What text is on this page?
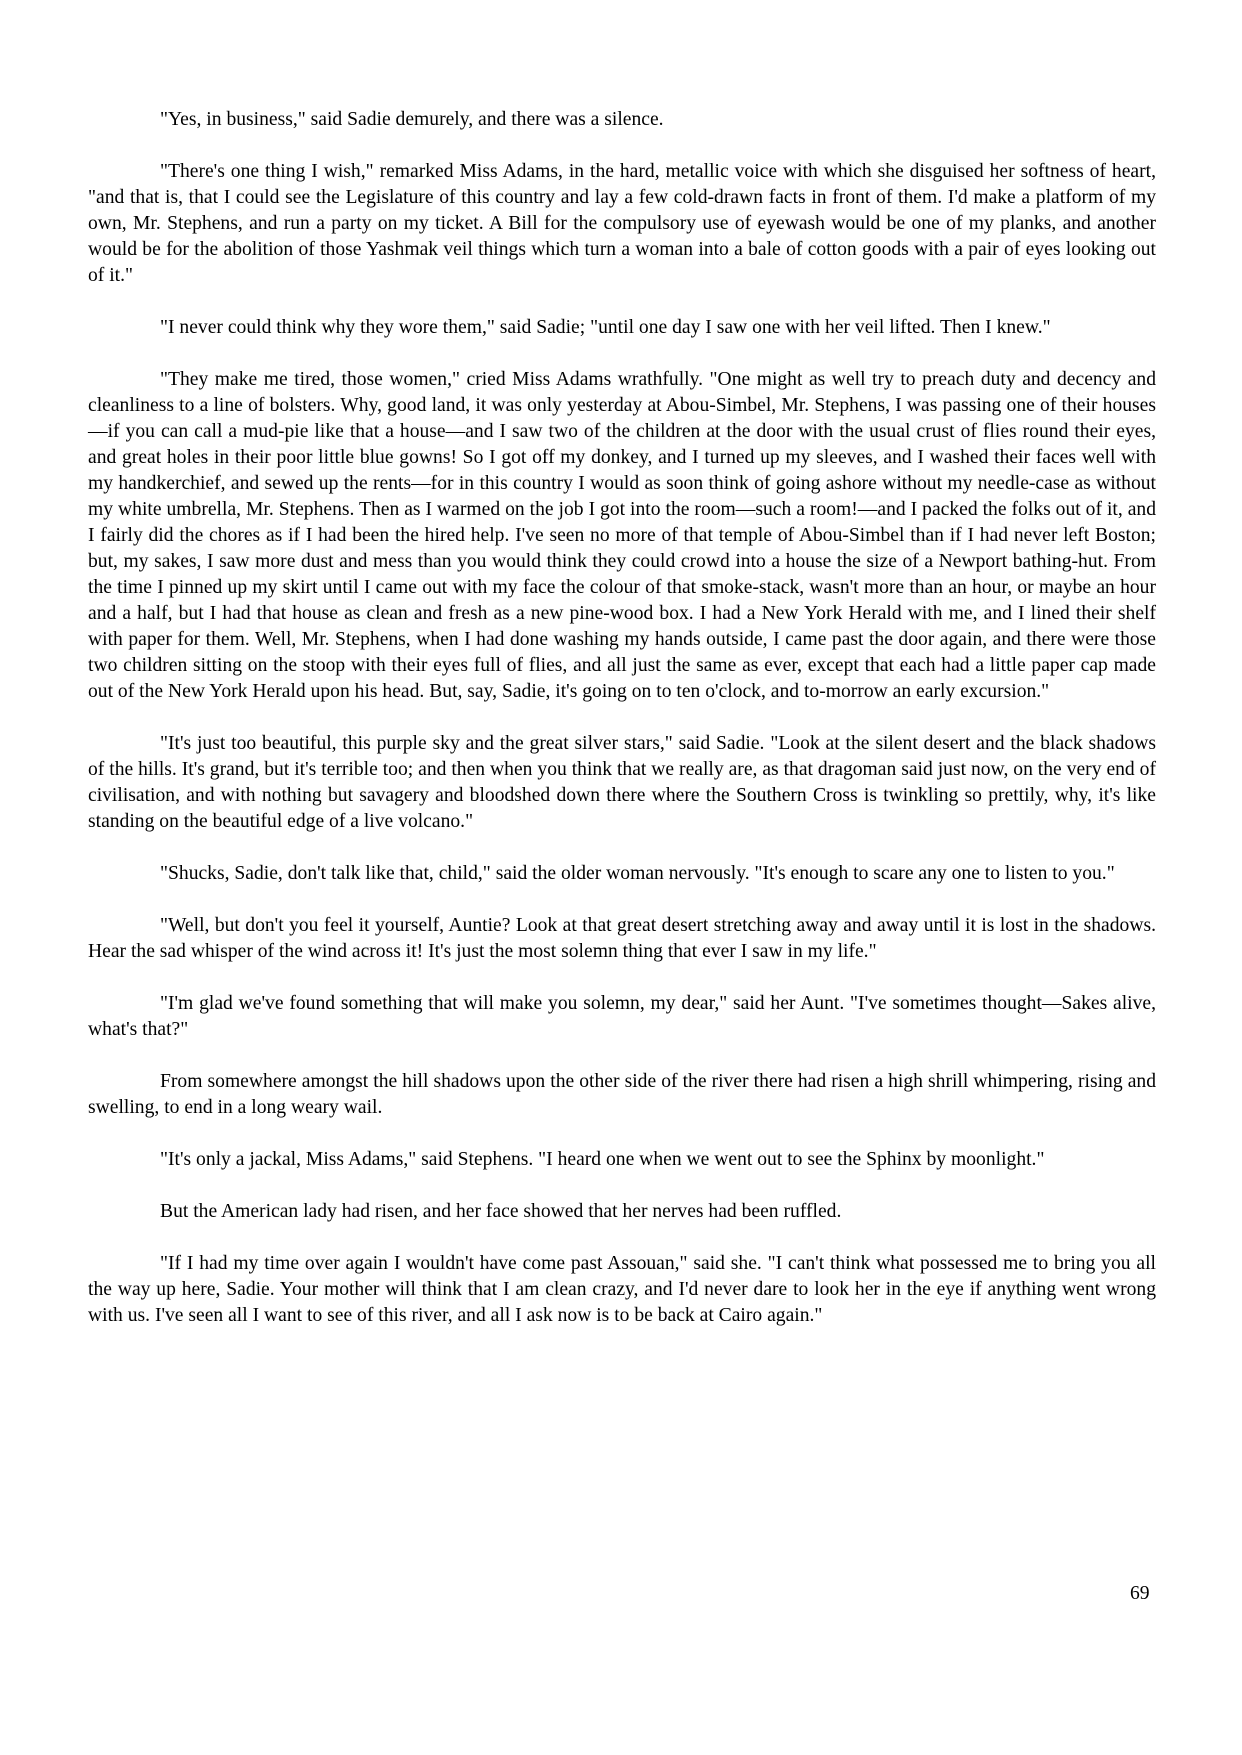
"Yes, in business," said Sadie demurely, and there was a silence.

"There's one thing I wish," remarked Miss Adams, in the hard, metallic voice with which she disguised her softness of heart, "and that is, that I could see the Legislature of this country and lay a few cold-drawn facts in front of them. I'd make a platform of my own, Mr. Stephens, and run a party on my ticket. A Bill for the compulsory use of eyewash would be one of my planks, and another would be for the abolition of those Yashmak veil things which turn a woman into a bale of cotton goods with a pair of eyes looking out of it."

"I never could think why they wore them," said Sadie; "until one day I saw one with her veil lifted. Then I knew."

"They make me tired, those women," cried Miss Adams wrathfully. "One might as well try to preach duty and decency and cleanliness to a line of bolsters. Why, good land, it was only yesterday at Abou-Simbel, Mr. Stephens, I was passing one of their houses—if you can call a mud-pie like that a house—and I saw two of the children at the door with the usual crust of flies round their eyes, and great holes in their poor little blue gowns! So I got off my donkey, and I turned up my sleeves, and I washed their faces well with my handkerchief, and sewed up the rents—for in this country I would as soon think of going ashore without my needle-case as without my white umbrella, Mr. Stephens. Then as I warmed on the job I got into the room—such a room!—and I packed the folks out of it, and I fairly did the chores as if I had been the hired help. I've seen no more of that temple of Abou-Simbel than if I had never left Boston; but, my sakes, I saw more dust and mess than you would think they could crowd into a house the size of a Newport bathing-hut. From the time I pinned up my skirt until I came out with my face the colour of that smoke-stack, wasn't more than an hour, or maybe an hour and a half, but I had that house as clean and fresh as a new pine-wood box. I had a New York Herald with me, and I lined their shelf with paper for them. Well, Mr. Stephens, when I had done washing my hands outside, I came past the door again, and there were those two children sitting on the stoop with their eyes full of flies, and all just the same as ever, except that each had a little paper cap made out of the New York Herald upon his head. But, say, Sadie, it's going on to ten o'clock, and to-morrow an early excursion."

"It's just too beautiful, this purple sky and the great silver stars," said Sadie. "Look at the silent desert and the black shadows of the hills. It's grand, but it's terrible too; and then when you think that we really are, as that dragoman said just now, on the very end of civilisation, and with nothing but savagery and bloodshed down there where the Southern Cross is twinkling so prettily, why, it's like standing on the beautiful edge of a live volcano."

"Shucks, Sadie, don't talk like that, child," said the older woman nervously. "It's enough to scare any one to listen to you."

"Well, but don't you feel it yourself, Auntie? Look at that great desert stretching away and away until it is lost in the shadows. Hear the sad whisper of the wind across it! It's just the most solemn thing that ever I saw in my life."

"I'm glad we've found something that will make you solemn, my dear," said her Aunt. "I've sometimes thought—Sakes alive, what's that?"

From somewhere amongst the hill shadows upon the other side of the river there had risen a high shrill whimpering, rising and swelling, to end in a long weary wail.

"It's only a jackal, Miss Adams," said Stephens. "I heard one when we went out to see the Sphinx by moonlight."

But the American lady had risen, and her face showed that her nerves had been ruffled.

"If I had my time over again I wouldn't have come past Assouan," said she. "I can't think what possessed me to bring you all the way up here, Sadie. Your mother will think that I am clean crazy, and I'd never dare to look her in the eye if anything went wrong with us. I've seen all I want to see of this river, and all I ask now is to be back at Cairo again."

69
